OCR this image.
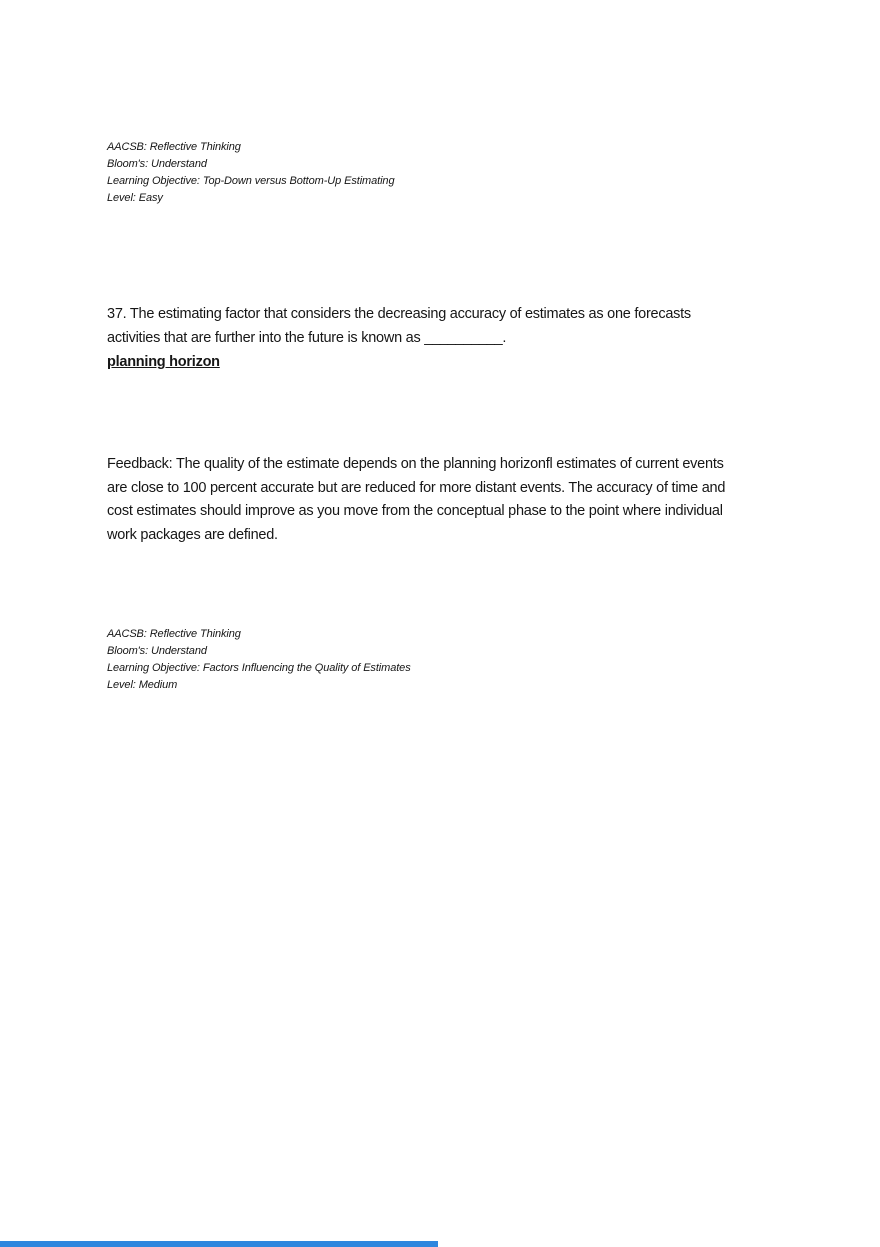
AACSB: Reflective Thinking
Bloom's: Understand
Learning Objective: Top-Down versus Bottom-Up Estimating
Level: Easy
37. The estimating factor that considers the decreasing accuracy of estimates as one forecasts
activities that are further into the future is known as __________.
planning horizon
Feedback: The quality of the estimate depends on the planning horizonfl estimates of current events
are close to 100 percent accurate but are reduced for more distant events. The accuracy of time and
cost estimates should improve as you move from the conceptual phase to the point where individual
work packages are defined.
AACSB: Reflective Thinking
Bloom's: Understand
Learning Objective: Factors Influencing the Quality of Estimates
Level: Medium
